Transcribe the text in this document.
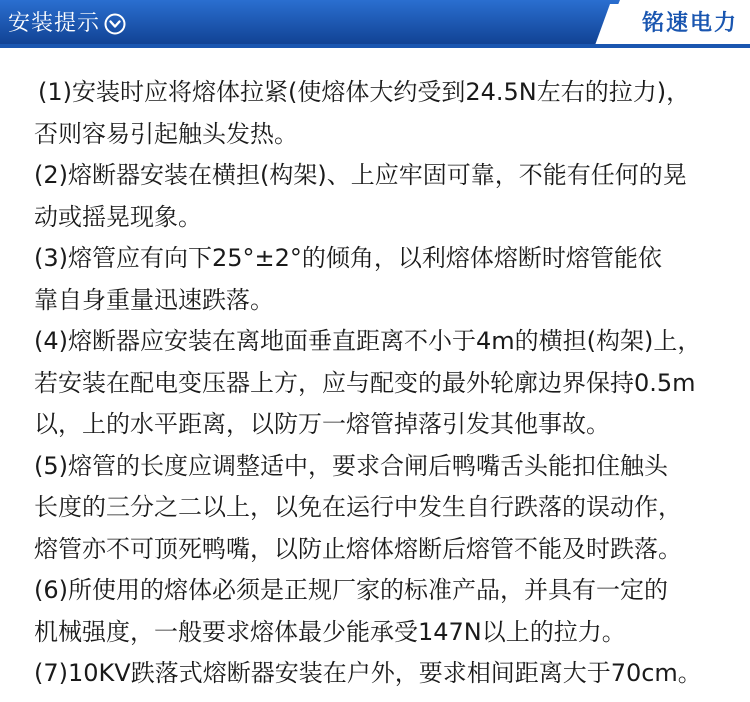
安装提示	铭速电力

(1)安装时应将熔体拉紧(使熔体大约受到24.5N左右的拉力)，

否则容易引起触头发热。

(2)熔断器安装在横担(构架)、上应牢固可靠，不能有任何的晃

动或摇晃现象。

(3)熔管应有向下25°±2°的倾角，以利熔体熔断时熔管能依

靠自身重量迅速跌落。

(4)熔断器应安装在离地面垂直距离不小于4m的横担(构架)上，

若安装在配电变压器上方，应与配变的最外轮廓边界保持0.5m

以，上的水平距离，以防万一熔管掉落引发其他事故。

(5)熔管的长度应调整适中，要求合闸后鸭嘴舌头能扣住触头

长度的三分之二以上，以免在运行中发生自行跌落的误动作，

熔管亦不可顶死鸭嘴，以防止熔体熔断后熔管不能及时跌落。

(6)所使用的熔体必须是正规厂家的标准产品，并具有一定的

机械强度，一般要求熔体最少能承受147N以上的拉力。

(7)10KV跌落式熔断器安装在户外，要求相间距离大于70cm。
